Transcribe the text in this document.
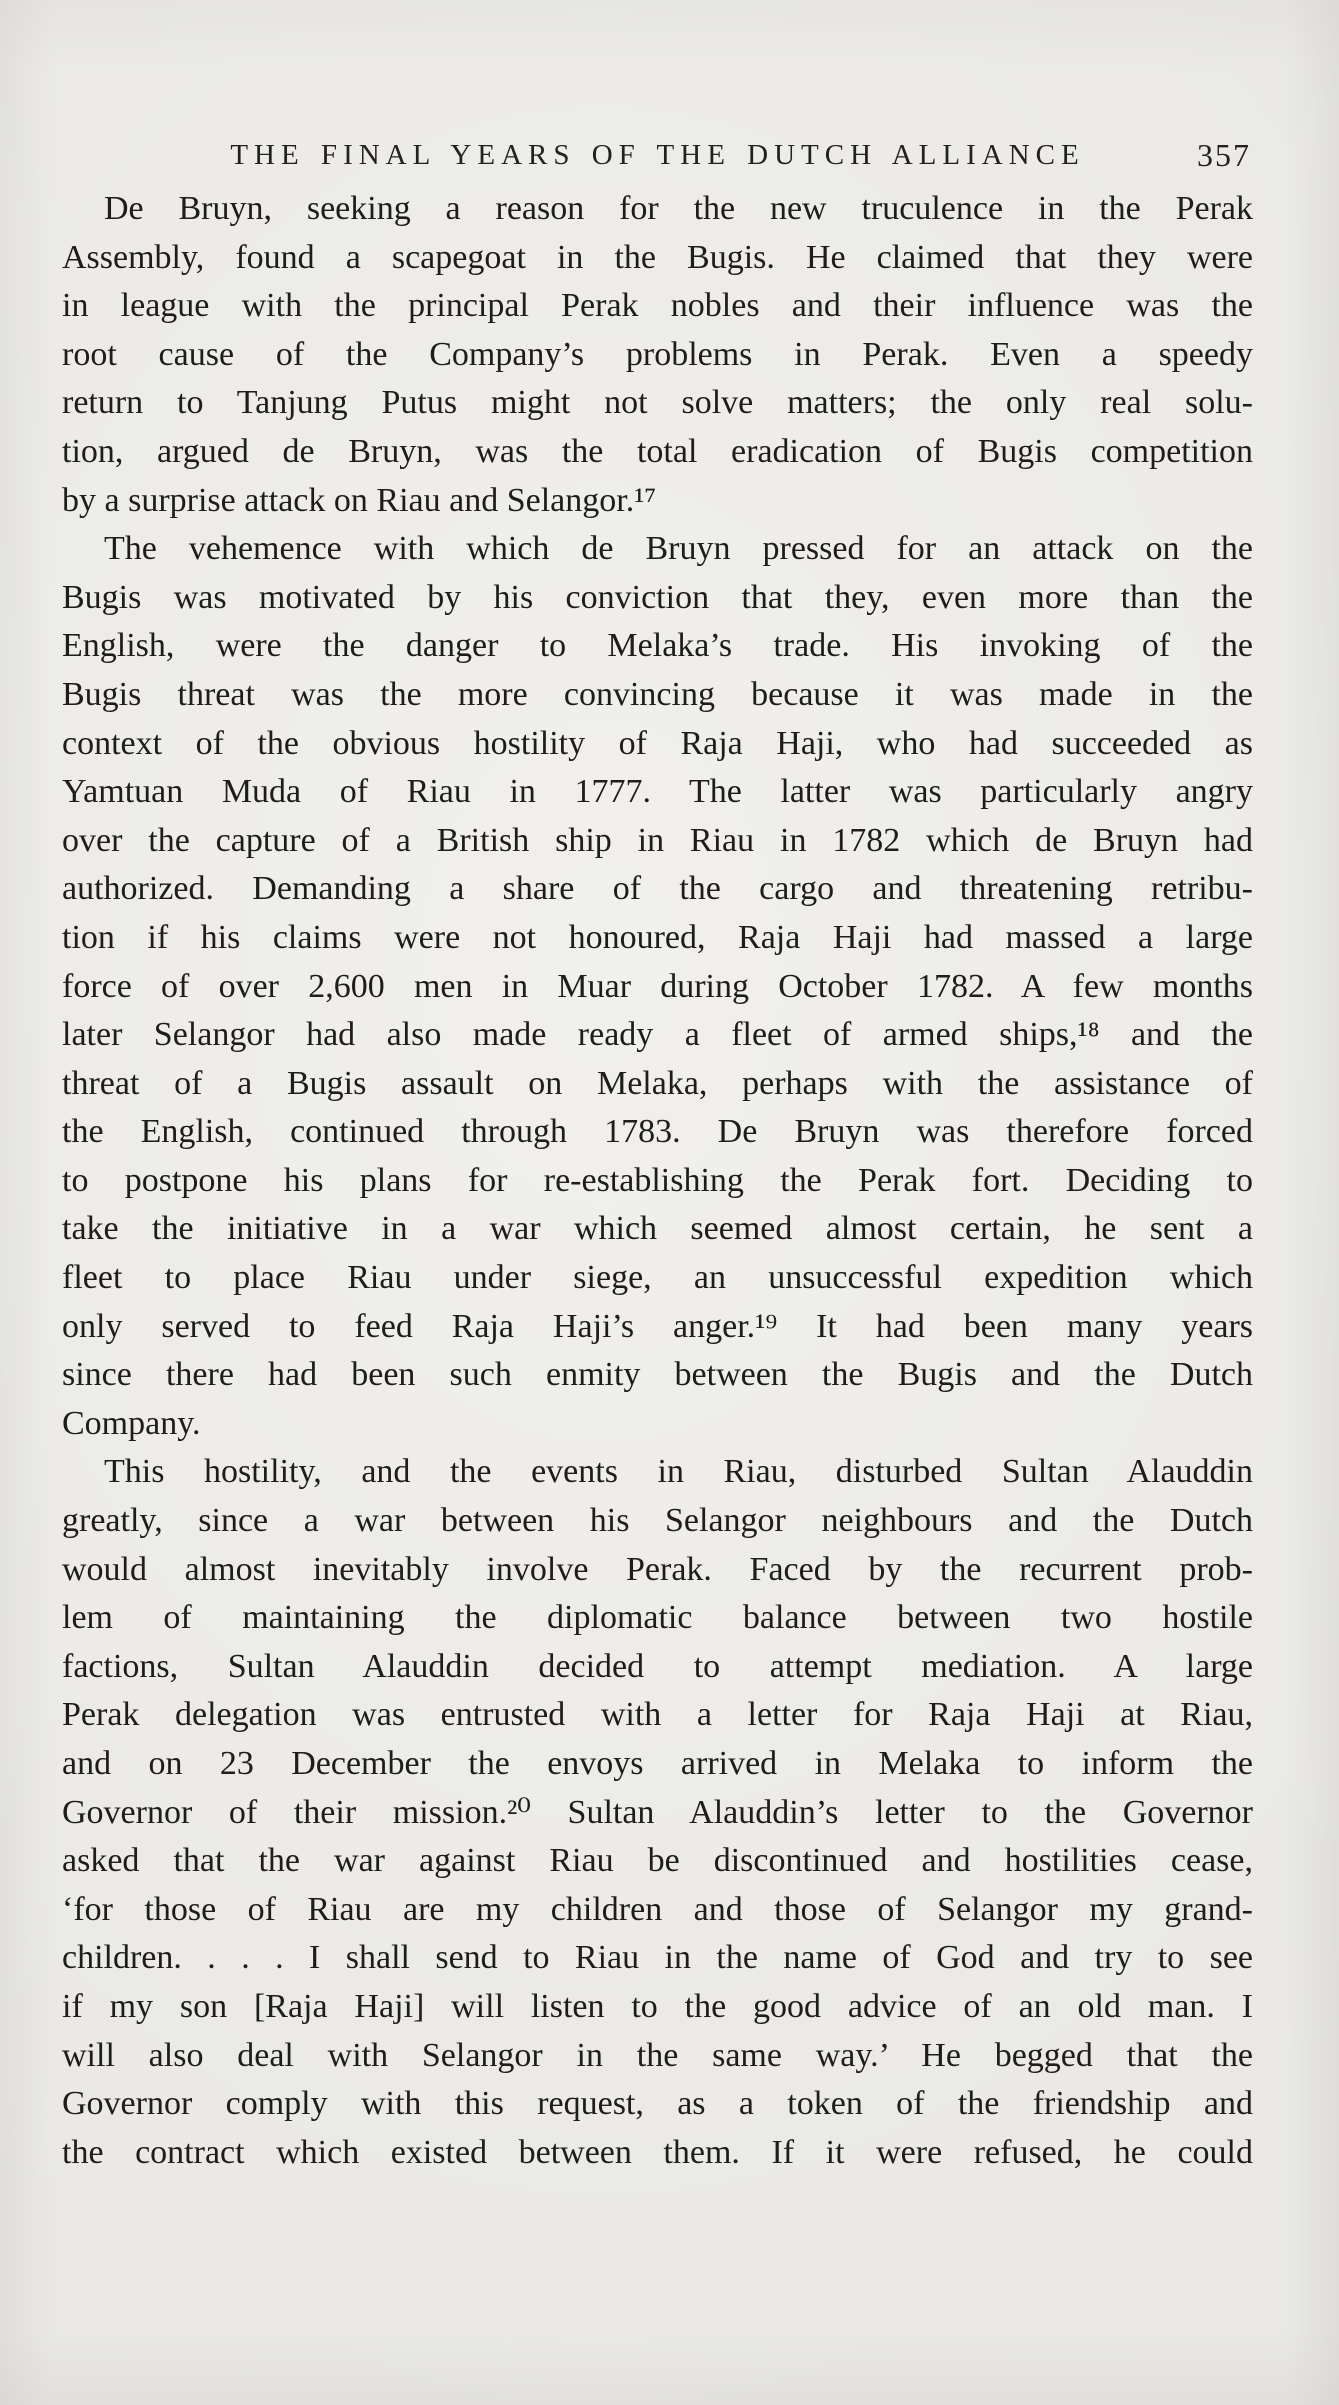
THE FINAL YEARS OF THE DUTCH ALLIANCE	357
De Bruyn, seeking a reason for the new truculence in the Perak
Assembly, found a scapegoat in the Bugis. He claimed that they were
in league with the principal Perak nobles and their influence was the
root cause of the Company’s problems in Perak. Even a speedy
return to Tanjung Putus might not solve matters; the only real solu-
tion, argued de Bruyn, was the total eradication of Bugis competition
by a surprise attack on Riau and Selangor.¹⁷
The vehemence with which de Bruyn pressed for an attack on the
Bugis was motivated by his conviction that they, even more than the
English, were the danger to Melaka’s trade. His invoking of the
Bugis threat was the more convincing because it was made in the
context of the obvious hostility of Raja Haji, who had succeeded as
Yamtuan Muda of Riau in 1777. The latter was particularly angry
over the capture of a British ship in Riau in 1782 which de Bruyn had
authorized. Demanding a share of the cargo and threatening retribu-
tion if his claims were not honoured, Raja Haji had massed a large
force of over 2,600 men in Muar during October 1782. A few months
later Selangor had also made ready a fleet of armed ships,¹⁸ and the
threat of a Bugis assault on Melaka, perhaps with the assistance of
the English, continued through 1783. De Bruyn was therefore forced
to postpone his plans for re-establishing the Perak fort. Deciding to
take the initiative in a war which seemed almost certain, he sent a
fleet to place Riau under siege, an unsuccessful expedition which
only served to feed Raja Haji’s anger.¹⁹ It had been many years
since there had been such enmity between the Bugis and the Dutch
Company.
This hostility, and the events in Riau, disturbed Sultan Alauddin
greatly, since a war between his Selangor neighbours and the Dutch
would almost inevitably involve Perak. Faced by the recurrent prob-
lem of maintaining the diplomatic balance between two hostile
factions, Sultan Alauddin decided to attempt mediation. A large
Perak delegation was entrusted with a letter for Raja Haji at Riau,
and on 23 December the envoys arrived in Melaka to inform the
Governor of their mission.²⁰ Sultan Alauddin’s letter to the Governor
asked that the war against Riau be discontinued and hostilities cease,
‘for those of Riau are my children and those of Selangor my grand-
children. . . . I shall send to Riau in the name of God and try to see
if my son [Raja Haji] will listen to the good advice of an old man. I
will also deal with Selangor in the same way.’ He begged that the
Governor comply with this request, as a token of the friendship and
the contract which existed between them. If it were refused, he could
